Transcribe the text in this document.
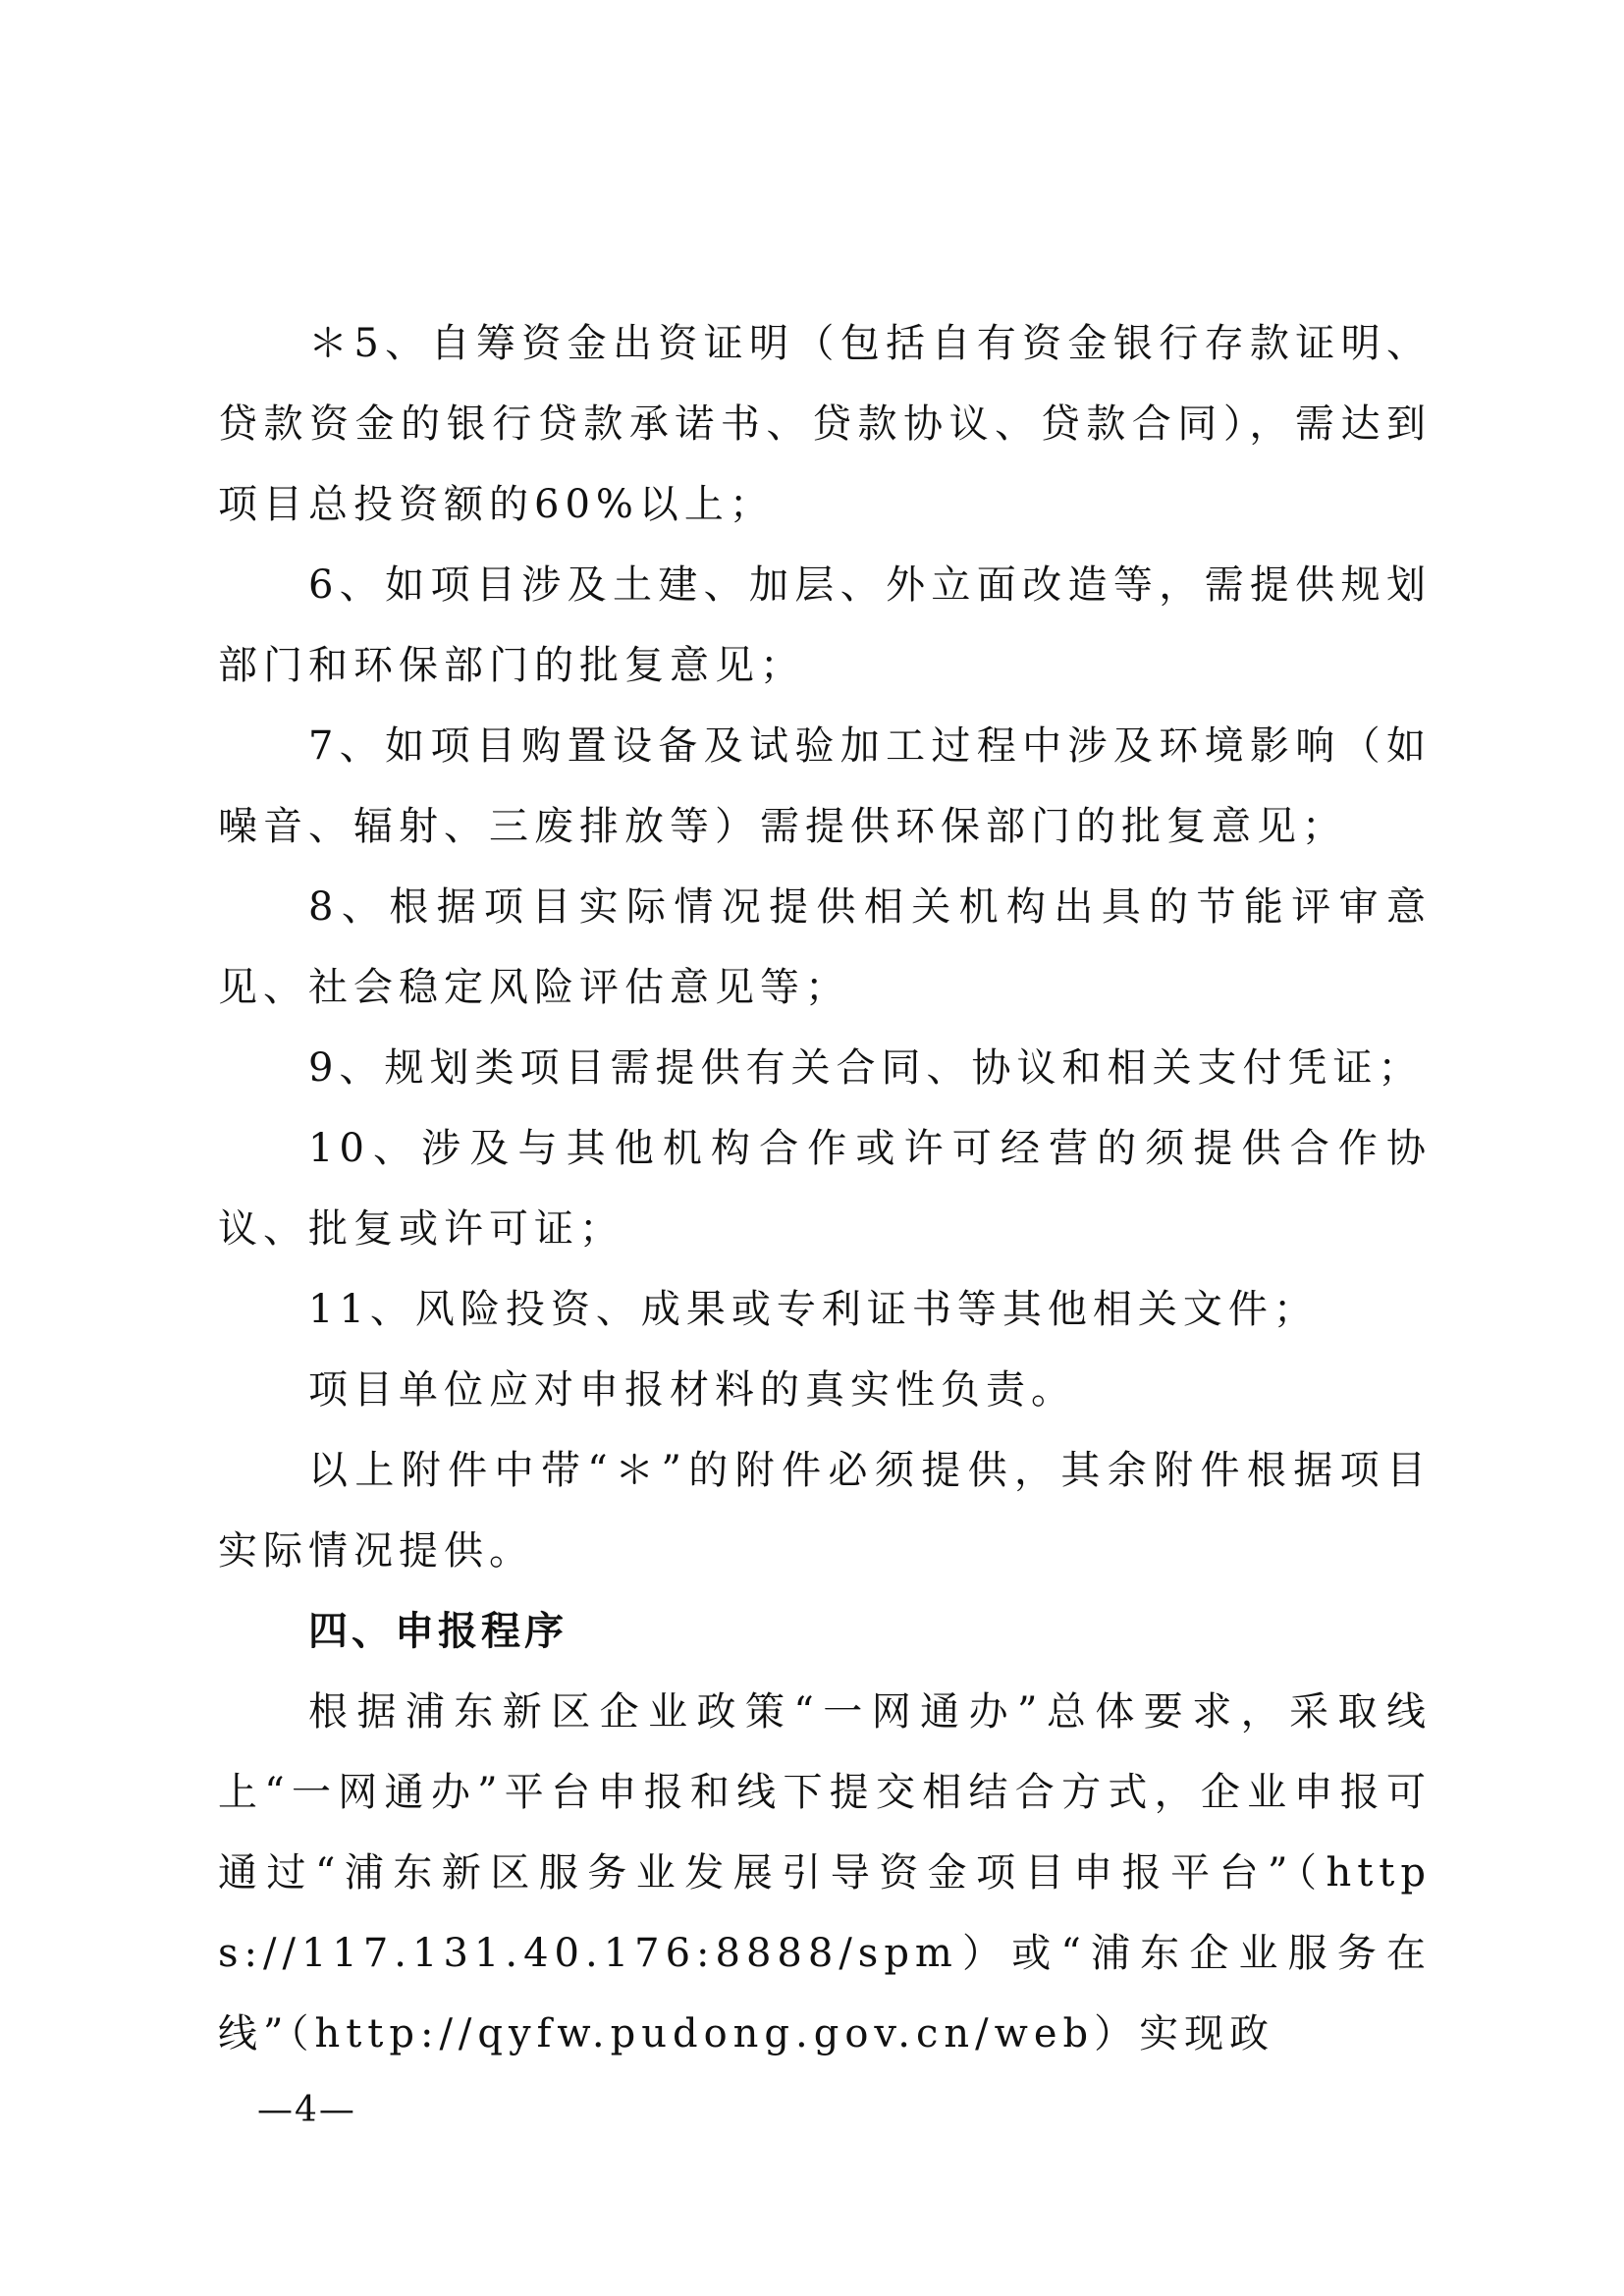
＊5、自筹资金出资证明（包括自有资金银行存款证明、贷款资金的银行贷款承诺书、贷款协议、贷款合同），需达到项目总投资额的60%以上；

6、如项目涉及土建、加层、外立面改造等，需提供规划部门和环保部门的批复意见；

7、如项目购置设备及试验加工过程中涉及环境影响（如噪音、辐射、三废排放等）需提供环保部门的批复意见；

8、根据项目实际情况提供相关机构出具的节能评审意见、社会稳定风险评估意见等；

9、规划类项目需提供有关合同、协议和相关支付凭证；

10、涉及与其他机构合作或许可经营的须提供合作协议、批复或许可证；

11、风险投资、成果或专利证书等其他相关文件；

项目单位应对申报材料的真实性负责。

以上附件中带“＊”的附件必须提供，其余附件根据项目实际情况提供。

四、申报程序

根据浦东新区企业政策“一网通办”总体要求，采取线上“一网通办”平台申报和线下提交相结合方式，企业申报可通过“浦东新区服务业发展引导资金项目申报平台”（https://117.131.40.176:8888/spm）或“浦东企业服务在线”（http://qyfw.pudong.gov.cn/web）实现政

—4—
